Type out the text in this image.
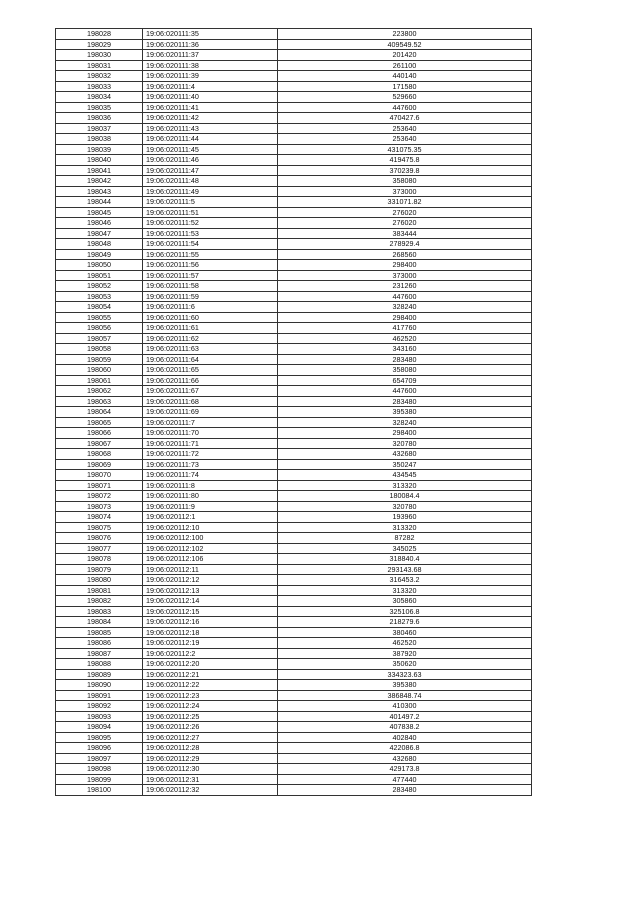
198028	19:06:020111:35	223800
198029	19:06:020111:36	409549.52
198030	19:06:020111:37	201420
198031	19:06:020111:38	261100
198032	19:06:020111:39	440140
198033	19:06:020111:4	171580
198034	19:06:020111:40	529660
198035	19:06:020111:41	447600
198036	19:06:020111:42	470427.6
198037	19:06:020111:43	253640
198038	19:06:020111:44	253640
198039	19:06:020111:45	431075.35
198040	19:06:020111:46	419475.8
198041	19:06:020111:47	370239.8
198042	19:06:020111:48	358080
198043	19:06:020111:49	373000
198044	19:06:020111:5	331071.82
198045	19:06:020111:51	276020
198046	19:06:020111:52	276020
198047	19:06:020111:53	383444
198048	19:06:020111:54	278929.4
198049	19:06:020111:55	268560
198050	19:06:020111:56	298400
198051	19:06:020111:57	373000
198052	19:06:020111:58	231260
198053	19:06:020111:59	447600
198054	19:06:020111:6	328240
198055	19:06:020111:60	298400
198056	19:06:020111:61	417760
198057	19:06:020111:62	462520
198058	19:06:020111:63	343160
198059	19:06:020111:64	283480
198060	19:06:020111:65	358080
198061	19:06:020111:66	654709
198062	19:06:020111:67	447600
198063	19:06:020111:68	283480
198064	19:06:020111:69	395380
198065	19:06:020111:7	328240
198066	19:06:020111:70	298400
198067	19:06:020111:71	320780
198068	19:06:020111:72	432680
198069	19:06:020111:73	350247
198070	19:06:020111:74	434545
198071	19:06:020111:8	313320
198072	19:06:020111:80	180084.4
198073	19:06:020111:9	320780
198074	19:06:020112:1	193960
198075	19:06:020112:10	313320
198076	19:06:020112:100	87282
198077	19:06:020112:102	345025
198078	19:06:020112:106	318840.4
198079	19:06:020112:11	293143.68
198080	19:06:020112:12	316453.2
198081	19:06:020112:13	313320
198082	19:06:020112:14	305860
198083	19:06:020112:15	325106.8
198084	19:06:020112:16	218279.6
198085	19:06:020112:18	380460
198086	19:06:020112:19	462520
198087	19:06:020112:2	387920
198088	19:06:020112:20	350620
198089	19:06:020112:21	334323.63
198090	19:06:020112:22	395380
198091	19:06:020112:23	386848.74
198092	19:06:020112:24	410300
198093	19:06:020112:25	401497.2
198094	19:06:020112:26	407838.2
198095	19:06:020112:27	402840
198096	19:06:020112:28	422086.8
198097	19:06:020112:29	432680
198098	19:06:020112:30	429173.8
198099	19:06:020112:31	477440
198100	19:06:020112:32	283480
